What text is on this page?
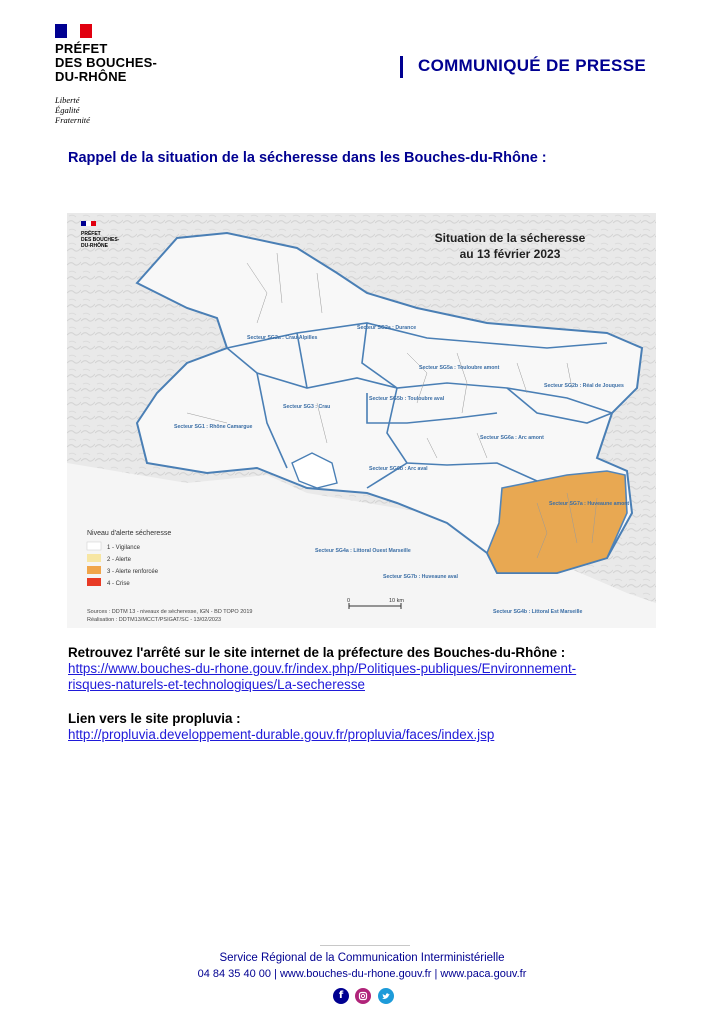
PRÉFET
DES BOUCHES-
DU-RHÔNE
Liberté
Égalité
Fraternité
COMMUNIQUÉ DE PRESSE
Rappel de la situation de la sécheresse dans les Bouches-du-Rhône :
PRÉFET
DES BOUCHES-
DU-RHÔNE
Situation de la sécheresse
au 13 février 2023
Secteur SG2a : Crau-Alpilles
Secteur SG2a : Durance
Secteur SG5a : Touloubre amont
Secteur SG3 : Crau
Secteur SG5b : Touloubre aval
Secteur SG2b : Réal de Jouques
Secteur SG1 : Rhône Camargue
Secteur SG6a : Arc amont
Secteur SG6b : Arc aval
Secteur SG7a : Huveaune amont
Secteur SG4a : Littoral Ouest Marseille
Secteur SG7b : Huveaune aval
Secteur SG4b : Littoral Est Marseille
Niveau d'alerte sécheresse
1 - Vigilance
2 - Alerte
3 - Alerte renforcée
4 - Crise
Sources : DDTM 13 - niveaux de sécheresse, IGN - BD TOPO 2019
Réalisation : DDTM13/MCCT/PSIGAT/SC - 13/02/2023
0	10 km
Retrouvez l'arrêté sur le site internet de la préfecture des Bouches-du-Rhône :
https://www.bouches-du-rhone.gouv.fr/index.php/Politiques-publiques/Environnement-
risques-naturels-et-technologiques/La-secheresse
Lien vers le site propluvia :
http://propluvia.developpement-durable.gouv.fr/propluvia/faces/index.jsp
Service Régional de la Communication Interministérielle
04 84 35 40 00 | www.bouches-du-rhone.gouv.fr | www.paca.gouv.fr
f
